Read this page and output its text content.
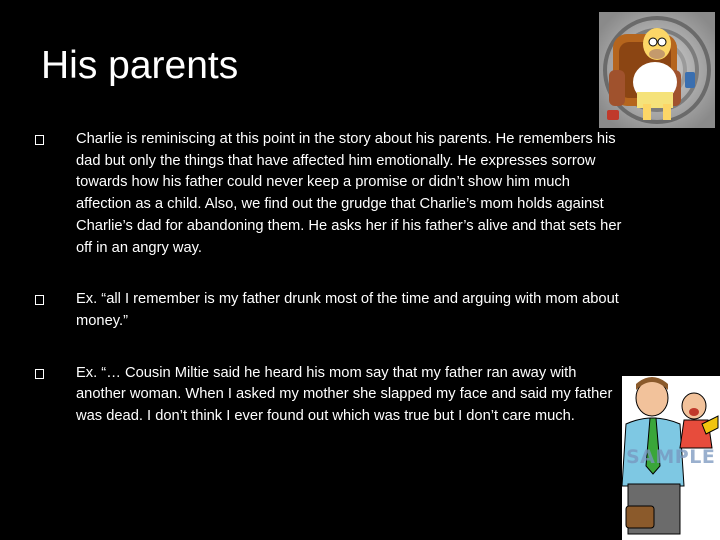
His parents
Charlie is reminiscing at this point in the story about his parents. He remembers his dad but only the things that have affected him emotionally. He expresses sorrow towards how his father could never keep a promise or didn’t show him much affection as a child. Also, we find out the grudge that Charlie’s mom holds against Charlie’s dad for abandoning them. He asks her if his father’s alive and that sets her off in an angry way.
Ex. “all I remember is my father drunk most of the time and arguing with mom about money.”
Ex. “… Cousin Miltie said he heard his mom say that my father ran away with another woman. When I asked my mother she slapped my face and said my father was dead. I don’t think I ever found out which was true but I don’t care much.
SAMPLE
